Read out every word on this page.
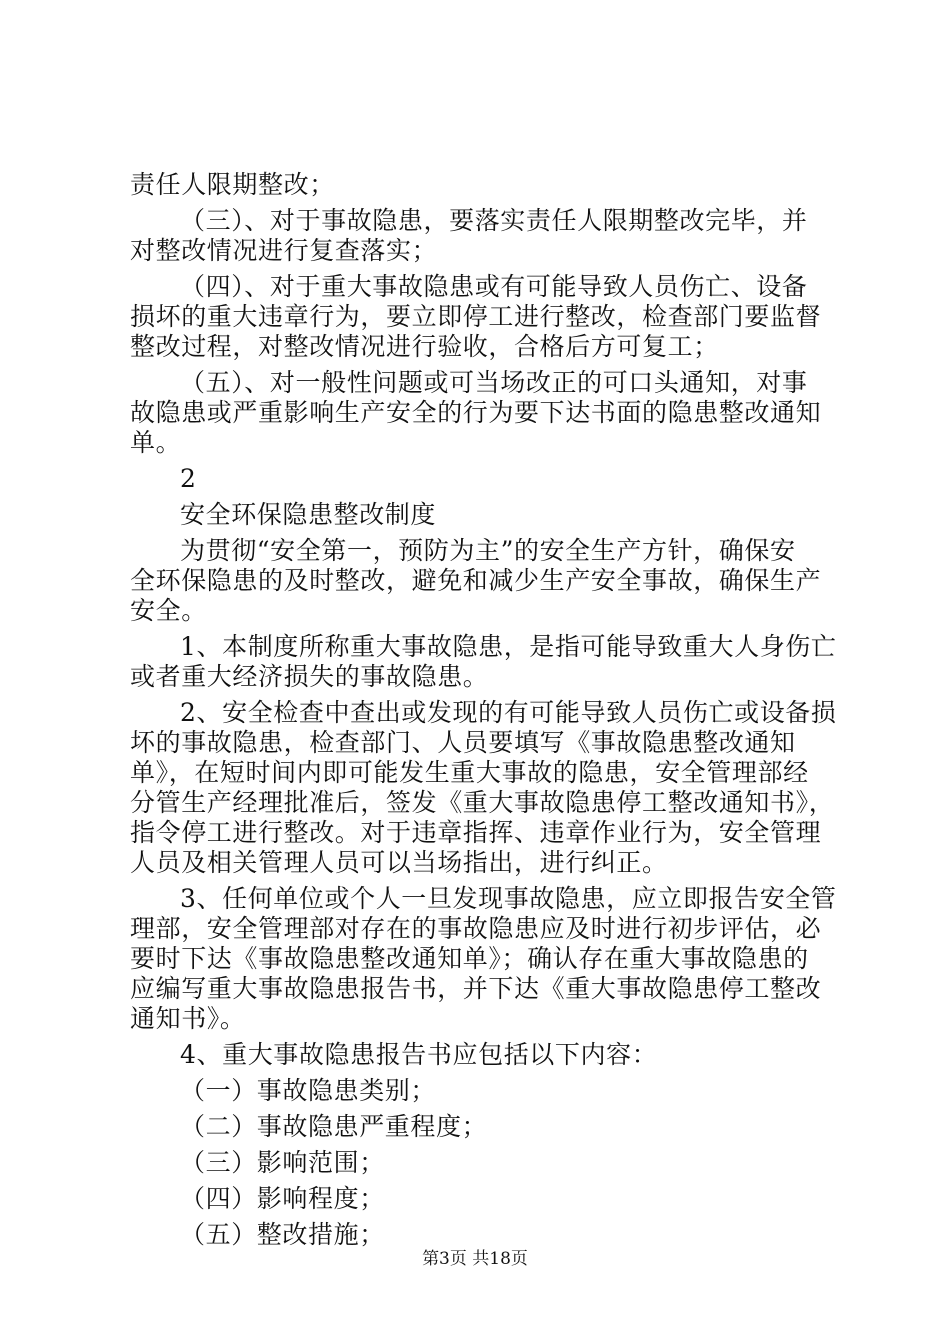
责任人限期整改；
（三）、对于事故隐患，要落实责任人限期整改完毕，并
对整改情况进行复查落实；
（四）、对于重大事故隐患或有可能导致人员伤亡、设备
损坏的重大违章行为，要立即停工进行整改，检查部门要监督
整改过程，对整改情况进行验收，合格后方可复工；
（五）、对一般性问题或可当场改正的可口头通知，对事
故隐患或严重影响生产安全的行为要下达书面的隐患整改通知
单。
2
安全环保隐患整改制度
为贯彻“安全第一，预防为主”的安全生产方针，确保安
全环保隐患的及时整改，避免和减少生产安全事故，确保生产
安全。
1、本制度所称重大事故隐患，是指可能导致重大人身伤亡
或者重大经济损失的事故隐患。
2、安全检查中查出或发现的有可能导致人员伤亡或设备损
坏的事故隐患，检查部门、人员要填写《事故隐患整改通知
单》，在短时间内即可能发生重大事故的隐患，安全管理部经
分管生产经理批准后，签发《重大事故隐患停工整改通知书》，
指令停工进行整改。对于违章指挥、违章作业行为，安全管理
人员及相关管理人员可以当场指出，进行纠正。
3、任何单位或个人一旦发现事故隐患，应立即报告安全管
理部，安全管理部对存在的事故隐患应及时进行初步评估，必
要时下达《事故隐患整改通知单》；确认存在重大事故隐患的
应编写重大事故隐患报告书，并下达《重大事故隐患停工整改
通知书》。
4、重大事故隐患报告书应包括以下内容：
（一）事故隐患类别；
（二）事故隐患严重程度；
（三）影响范围；
（四）影响程度；
（五）整改措施；
第3页 共18页
